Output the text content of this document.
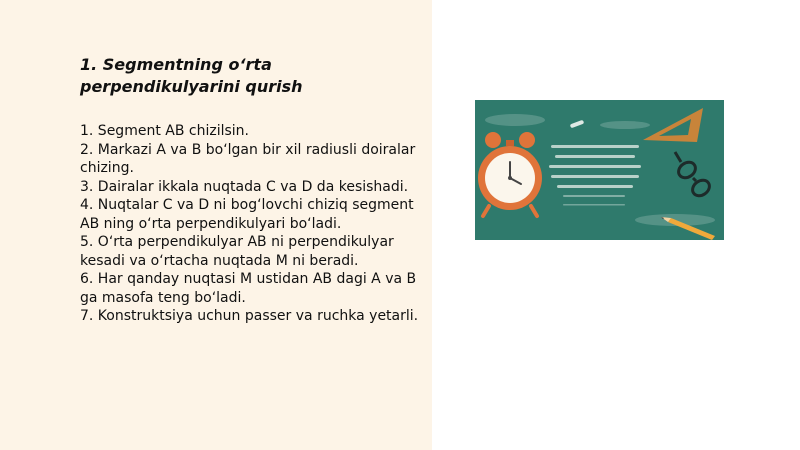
1. Segmentning o‘rta perpendikulyarini qurish
1. Segment AB chizilsin.
2. Markazi A va B bo‘lgan bir xil radiusli doiralar chizing.
3. Dairalar ikkala nuqtada C va D da kesishadi.
4. Nuqtalar C va D ni bog‘lovchi chiziq segment AB ning o‘rta perpendikulyari bo‘ladi.
5. O‘rta perpendikulyar AB ni perpendikulyar kesadi va o‘rtacha nuqtada M ni beradi.
6. Har qanday nuqtasi M ustidan AB dagi A va B ga masofa teng bo‘ladi.
7. Konstruktsiya uchun passer va ruchka yetarli.
